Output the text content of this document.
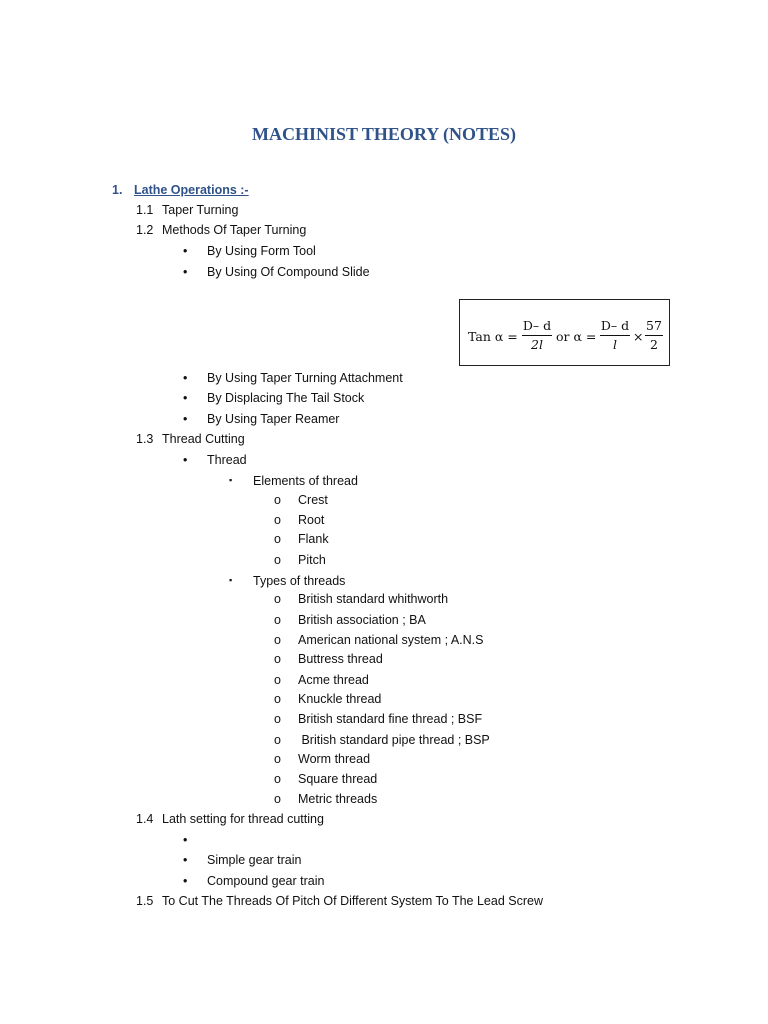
MACHINIST THEORY (NOTES)
1. Lathe Operations :-
1.1 Taper Turning
1.2 Methods Of Taper Turning
• By Using Form Tool
• By Using Of Compound Slide
Tan α =
D– d
2l
or α =
D– d
l
×
57
2
• By Using Taper Turning Attachment
• By Displacing The Tail Stock
• By Using Taper Reamer
1.3 Thread Cutting
• Thread
▪ Elements of thread
o Crest
o Root
o Flank
o Pitch
▪ Types of threads
o British standard whithworth
o British association ; BA
o American national system ; A.N.S
o Buttress thread
o Acme thread
o Knuckle thread
o British standard fine thread ; BSF
o British standard pipe thread ; BSP
o Worm thread
o Square thread
o Metric threads
1.4 Lath setting for thread cutting
•
• Simple gear train
• Compound gear train
1.5 To Cut The Threads Of Pitch Of Different System To The Lead Screw
